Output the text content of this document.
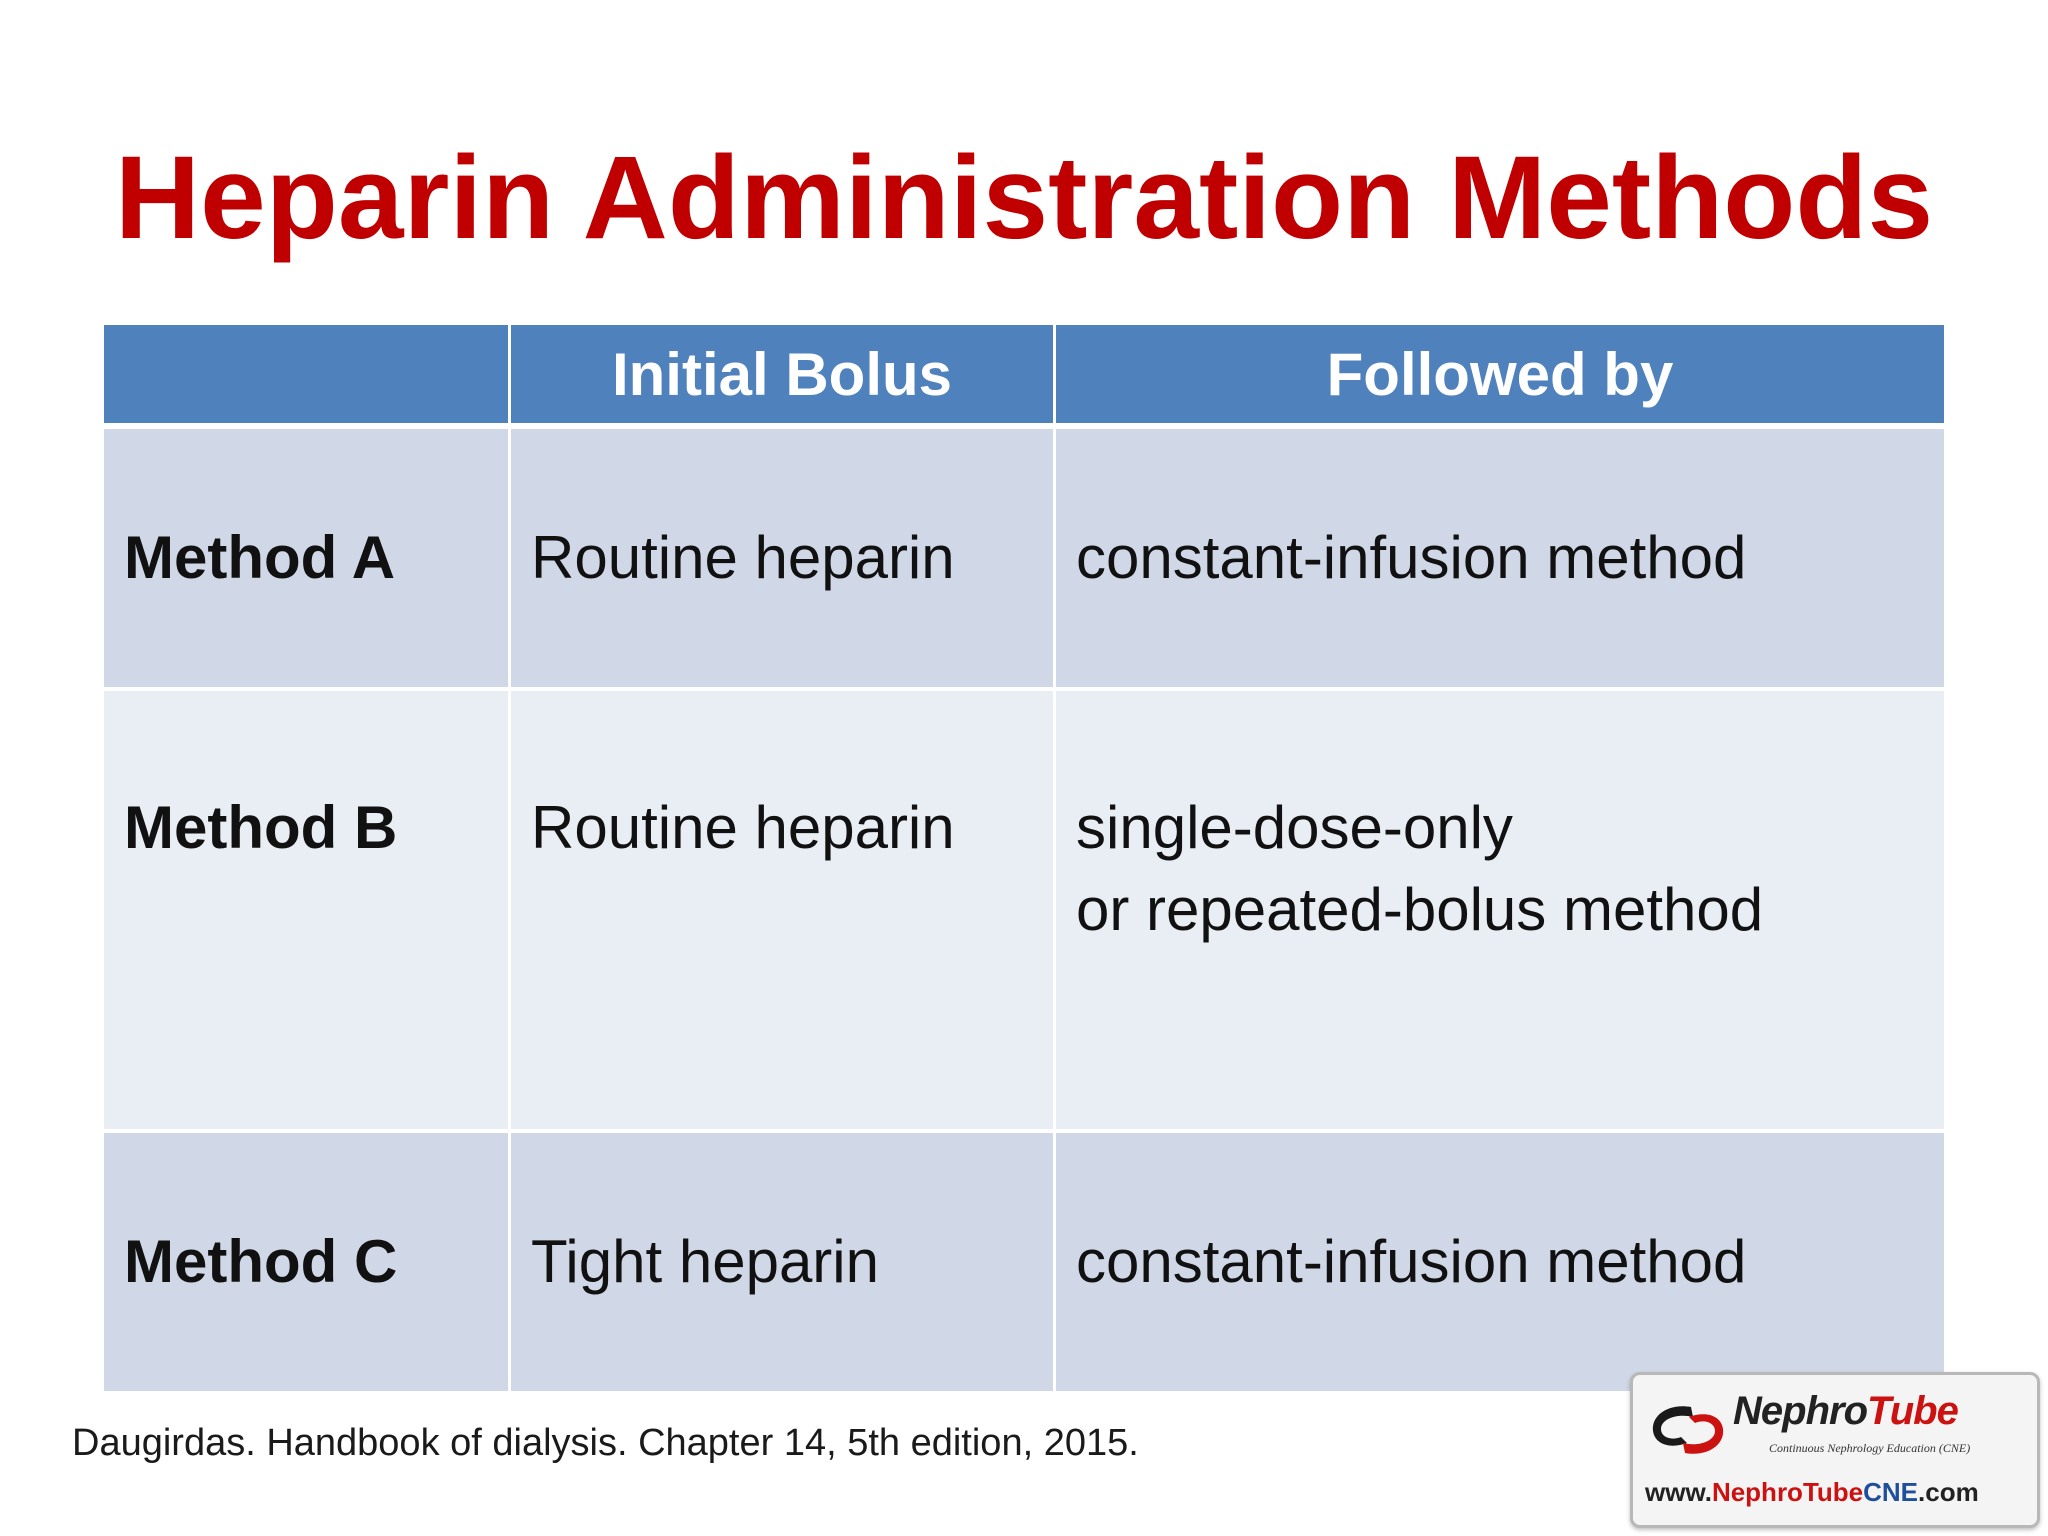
Heparin Administration Methods
	Initial Bolus	Followed by
Method A	Routine heparin	constant-infusion method

Method B	Routine heparin	single-dose-only
or repeated-bolus method

Method C	Tight heparin	constant-infusion method
Daugirdas. Handbook of dialysis. Chapter 14, 5th edition, 2015.
NephroTube
Continuous Nephrology Education (CNE)
www.NephroTubeCNE.com
